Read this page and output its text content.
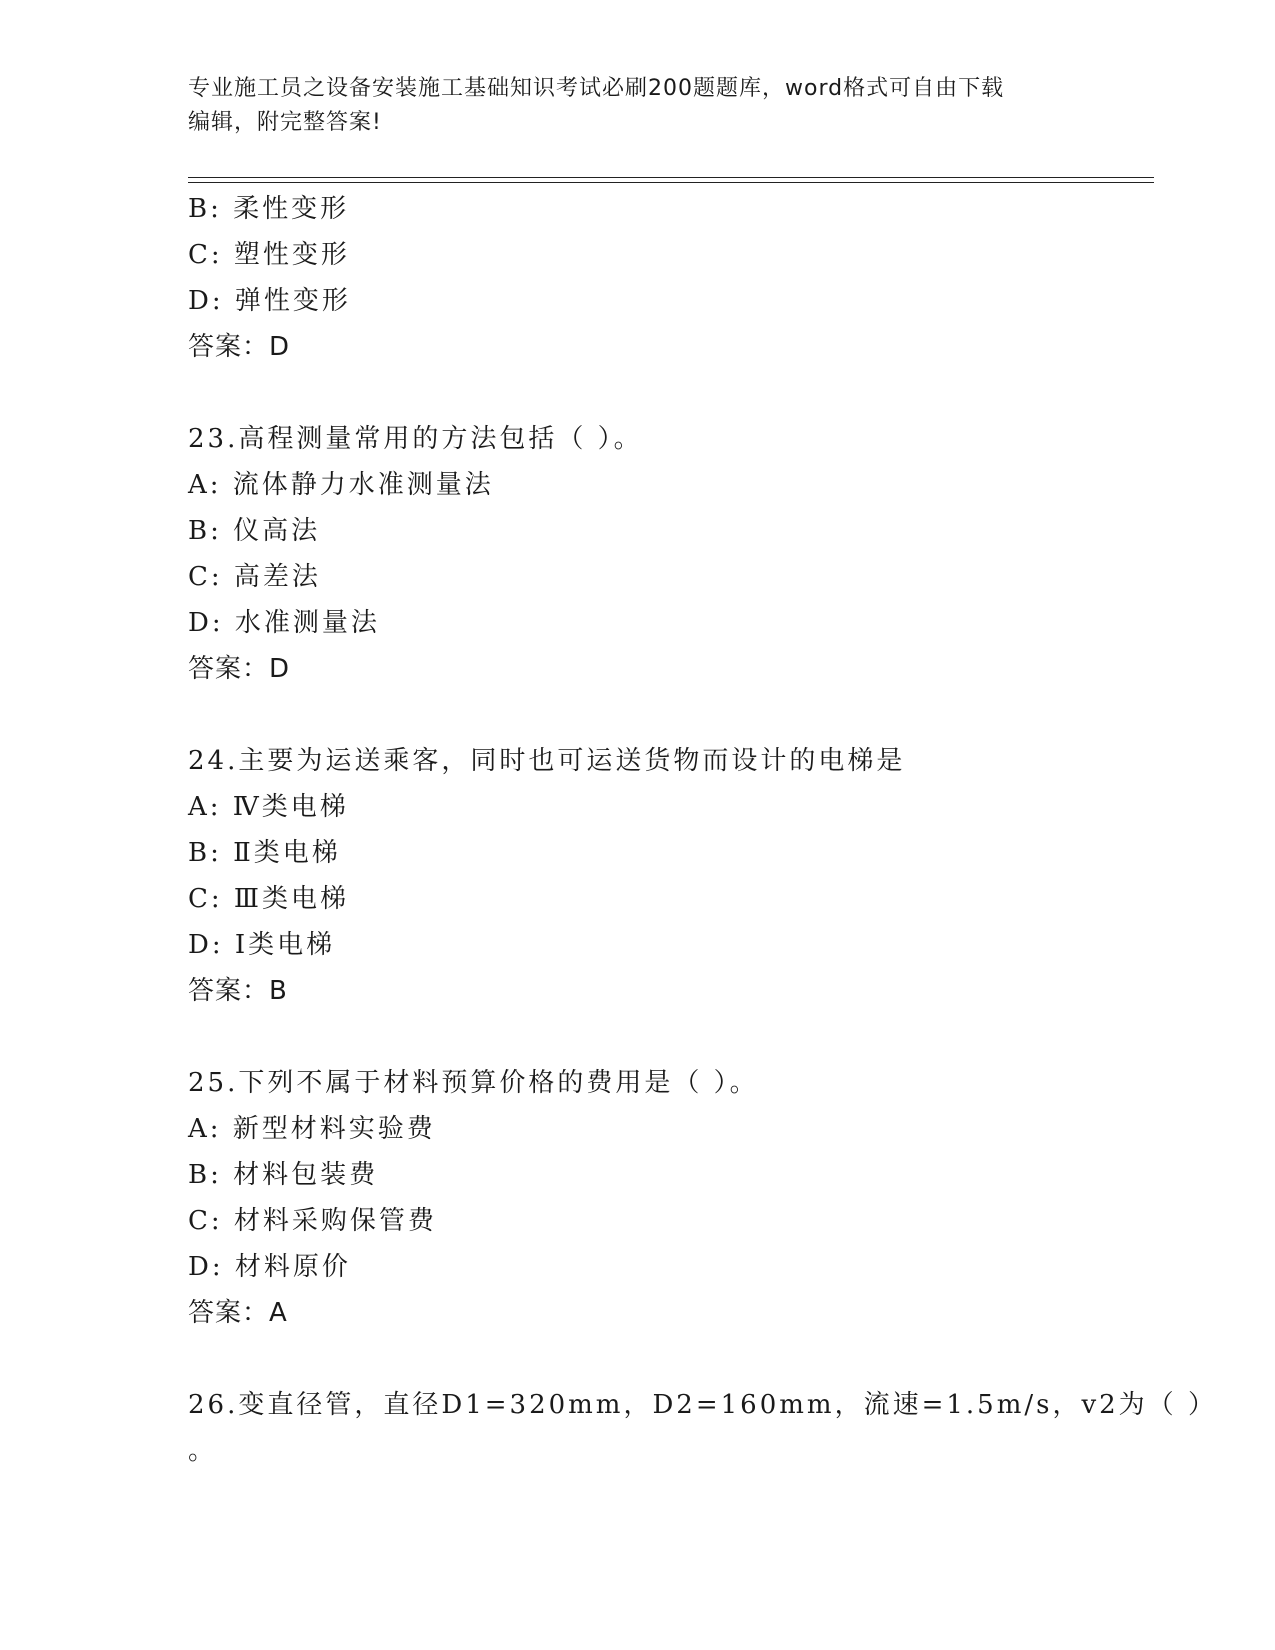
专业施工员之设备安装施工基础知识考试必刷200题题库，word格式可自由下载
编辑，附完整答案!
B: 柔性变形
C: 塑性变形
D: 弹性变形
答案：D
23.高程测量常用的方法包括（ ）。
A: 流体静力水准测量法
B: 仪高法
C: 高差法
D: 水准测量法
答案：D
24.主要为运送乘客，同时也可运送货物而设计的电梯是
A: Ⅳ类电梯
B: Ⅱ类电梯
C: Ⅲ类电梯
D: Ⅰ类电梯
答案：B
25.下列不属于材料预算价格的费用是（ ）。
A: 新型材料实验费
B: 材料包装费
C: 材料采购保管费
D: 材料原价
答案：A
26.变直径管，直径D1=320mm，D2=160mm，流速=1.5m/s，v2为（ ）
。
